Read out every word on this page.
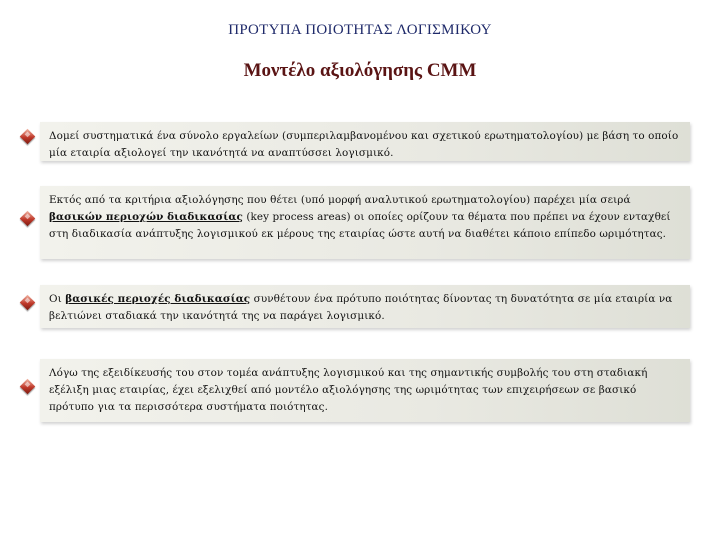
ΠΡΟΤΥΠΑ ΠΟΙΟΤΗΤΑΣ ΛΟΓΙΣΜΙΚΟΥ
Μοντέλο αξιολόγησης CMM
Δομεί συστηματικά ένα σύνολο εργαλείων (συμπεριλαμβανομένου και σχετικού ερωτηματολογίου) με βάση το οποίο μία εταιρία αξιολογεί την ικανότητά να αναπτύσσει λογισμικό.
Εκτός από τα κριτήρια αξιολόγησης που θέτει (υπό μορφή αναλυτικού ερωτηματολογίου) παρέχει μία σειρά βασικών περιοχών διαδικασίας (key process areas) οι οποίες ορίζουν τα θέματα που πρέπει να έχουν ενταχθεί στη διαδικασία ανάπτυξης λογισμικού εκ μέρους της εταιρίας ώστε αυτή να διαθέτει κάποιο επίπεδο ωριμότητας.
Οι βασικές περιοχές διαδικασίας συνθέτουν ένα πρότυπο ποιότητας δίνοντας τη δυνατότητα σε μία εταιρία να βελτιώνει σταδιακά την ικανότητά της να παράγει λογισμικό.
Λόγω της εξειδίκευσής του στον τομέα ανάπτυξης λογισμικού και της σημαντικής συμβολής του στη σταδιακή εξέλιξη μιας εταιρίας, έχει εξελιχθεί από μοντέλο αξιολόγησης της ωριμότητας των επιχειρήσεων σε βασικό πρότυπο για τα περισσότερα συστήματα ποιότητας.
